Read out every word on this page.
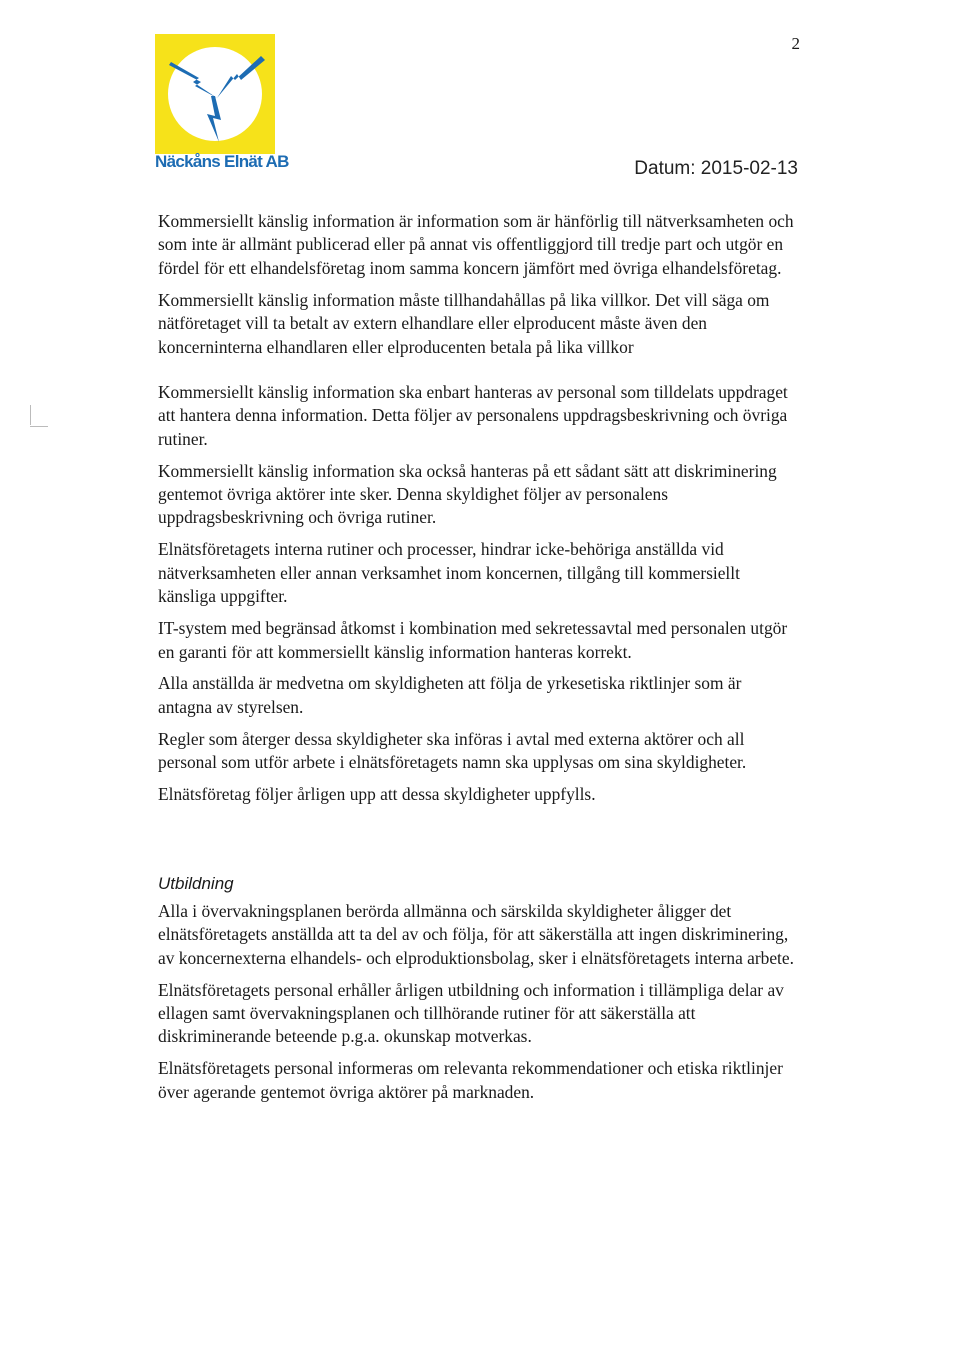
2
Näckåns Elnät AB	Datum: 2015-02-13

Kommersiellt känslig information är information som är hänförlig till nätverksamheten och som inte är allmänt publicerad eller på annat vis offentliggjord till tredje part och utgör en fördel för ett elhandelsföretag inom samma koncern jämfört med övriga elhandelsföretag.

Kommersiellt känslig information måste tillhandahållas på lika villkor. Det vill säga om nätföretaget vill ta betalt av extern elhandlare eller elproducent måste även den koncerninterna elhandlaren eller elproducenten betala på lika villkor

Kommersiellt känslig information ska enbart hanteras av personal som tilldelats uppdraget att hantera denna information. Detta följer av personalens uppdragsbeskrivning och övriga rutiner.

Kommersiellt känslig information ska också hanteras på ett sådant sätt att diskriminering gentemot övriga aktörer inte sker. Denna skyldighet följer av personalens uppdragsbeskrivning och övriga rutiner.

Elnätsföretagets interna rutiner och processer, hindrar icke-behöriga anställda vid nätverksamheten eller annan verksamhet inom koncernen, tillgång till kommersiellt känsliga uppgifter.

IT-system med begränsad åtkomst i kombination med sekretessavtal med personalen utgör en garanti för att kommersiellt känslig information hanteras korrekt.

Alla anställda är medvetna om skyldigheten att följa de yrkesetiska riktlinjer som är antagna av styrelsen.

Regler som återger dessa skyldigheter ska införas i avtal med externa aktörer och all personal som utför arbete i elnätsföretagets namn ska upplysas om sina skyldigheter.

Elnätsföretag följer årligen upp att dessa skyldigheter uppfylls.

Utbildning

Alla i övervakningsplanen berörda allmänna och särskilda skyldigheter åligger det elnätsföretagets anställda att ta del av och följa, för att säkerställa att ingen diskriminering, av koncernexterna elhandels- och elproduktionsbolag, sker i elnätsföretagets interna arbete.

Elnätsföretagets personal erhåller årligen utbildning och information i tillämpliga delar av ellagen samt övervakningsplanen och tillhörande rutiner för att säkerställa att diskriminerande beteende p.g.a. okunskap motverkas.

Elnätsföretagets personal informeras om relevanta rekommendationer och etiska riktlinjer över agerande gentemot övriga aktörer på marknaden.
